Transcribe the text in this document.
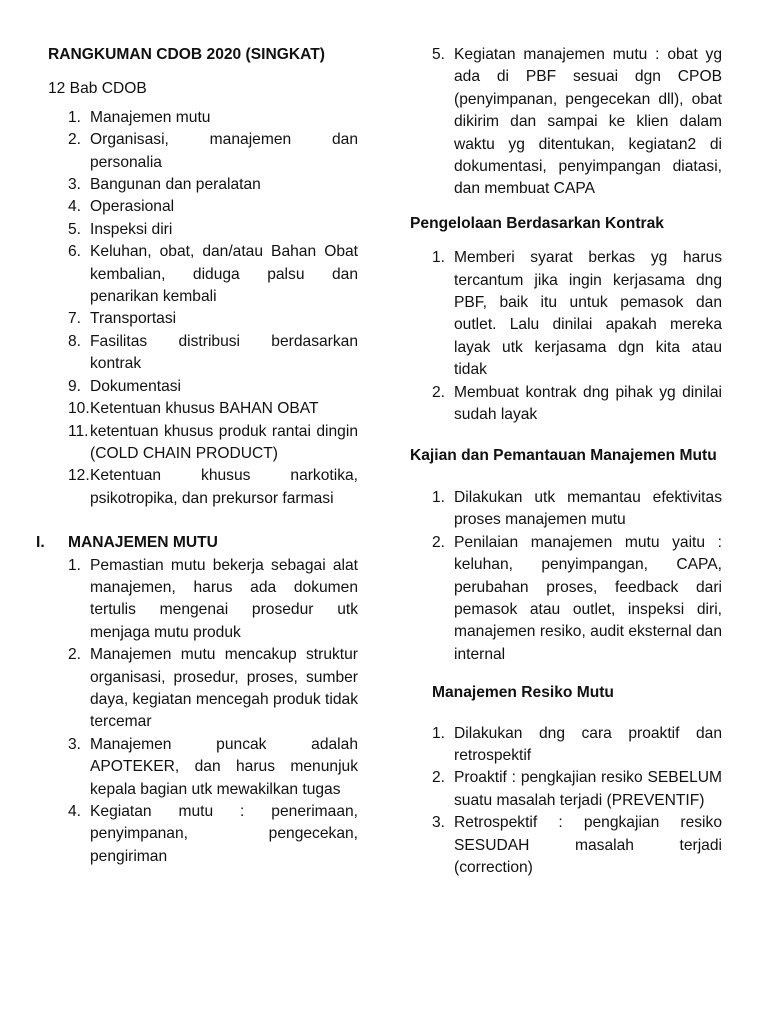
RANGKUMAN CDOB 2020 (SINGKAT)
12 Bab CDOB
1. Manajemen mutu
2. Organisasi, manajemen dan personalia
3. Bangunan dan peralatan
4. Operasional
5. Inspeksi diri
6. Keluhan, obat, dan/atau Bahan Obat kembalian, diduga palsu dan penarikan kembali
7. Transportasi
8. Fasilitas distribusi berdasarkan kontrak
9. Dokumentasi
10. Ketentuan khusus BAHAN OBAT
11. ketentuan khusus produk rantai dingin (COLD CHAIN PRODUCT)
12. Ketentuan khusus narkotika, psikotropika, dan prekursor farmasi
I. MANAJEMEN MUTU
1. Pemastian mutu bekerja sebagai alat manajemen, harus ada dokumen tertulis mengenai prosedur utk menjaga mutu produk
2. Manajemen mutu mencakup struktur organisasi, prosedur, proses, sumber daya, kegiatan mencegah produk tidak tercemar
3. Manajemen puncak adalah APOTEKER, dan harus menunjuk kepala bagian utk mewakilkan tugas
4. Kegiatan mutu : penerimaan, penyimpanan, pengecekan, pengiriman
5. Kegiatan manajemen mutu : obat yg ada di PBF sesuai dgn CPOB (penyimpanan, pengecekan dll), obat dikirim dan sampai ke klien dalam waktu yg ditentukan, kegiatan2 di dokumentasi, penyimpangan diatasi, dan membuat CAPA
Pengelolaan Berdasarkan Kontrak
1. Memberi syarat berkas yg harus tercantum jika ingin kerjasama dng PBF, baik itu untuk pemasok dan outlet. Lalu dinilai apakah mereka layak utk kerjasama dgn kita atau tidak
2. Membuat kontrak dng pihak yg dinilai sudah layak
Kajian dan Pemantauan Manajemen Mutu
1. Dilakukan utk memantau efektivitas proses manajemen mutu
2. Penilaian manajemen mutu yaitu : keluhan, penyimpangan, CAPA, perubahan proses, feedback dari pemasok atau outlet, inspeksi diri, manajemen resiko, audit eksternal dan internal
Manajemen Resiko Mutu
1. Dilakukan dng cara proaktif dan retrospektif
2. Proaktif : pengkajian resiko SEBELUM suatu masalah terjadi (PREVENTIF)
3. Retrospektif : pengkajian resiko SESUDAH masalah terjadi (correction)
